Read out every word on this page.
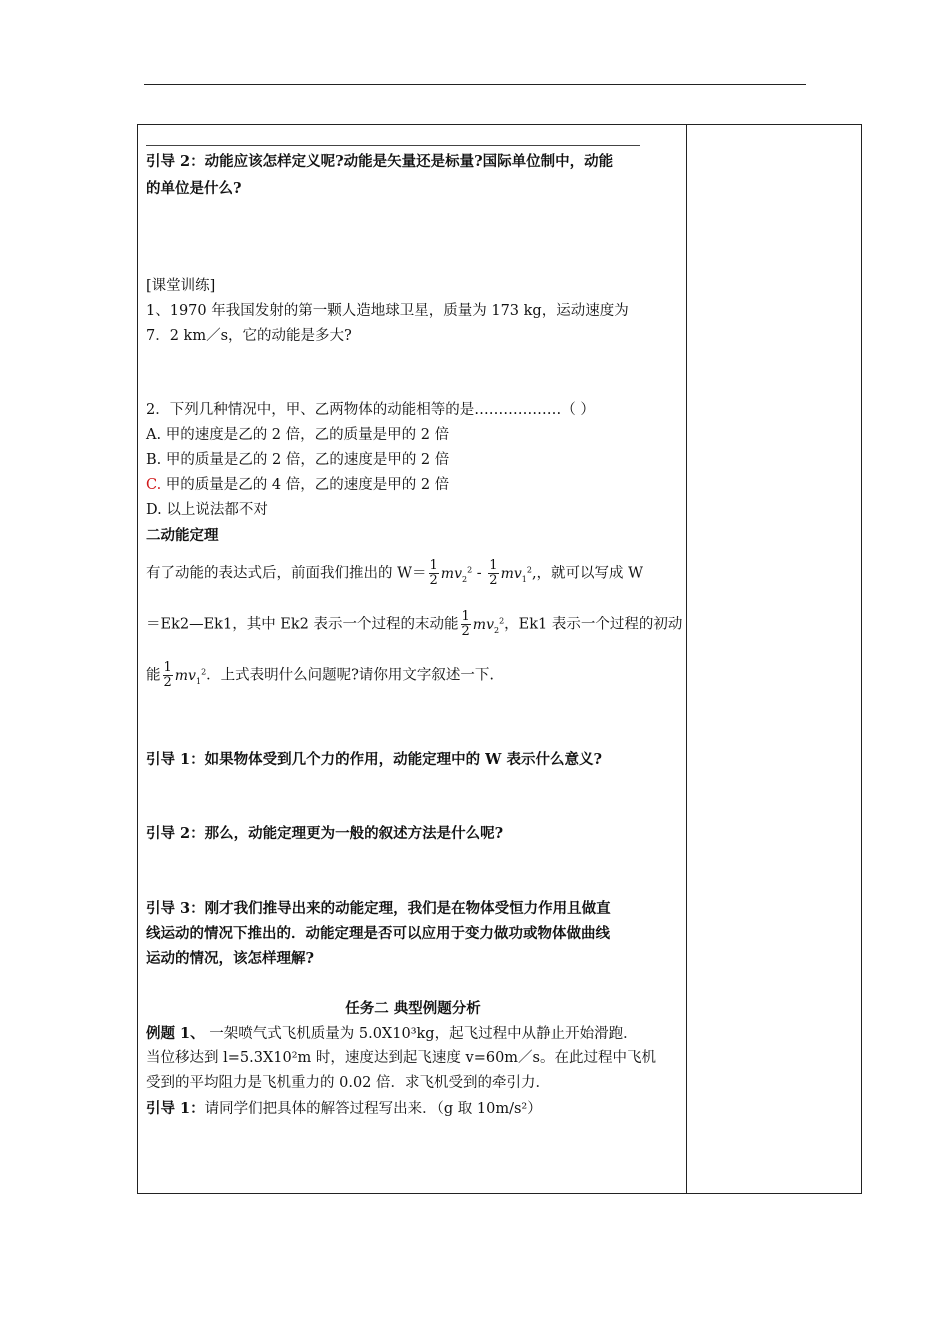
引导 2：动能应该怎样定义呢?动能是矢量还是标量?国际单位制中，动能
的单位是什么?
[课堂训练]
1、1970 年我国发射的第一颗人造地球卫星，质量为 173 kg，运动速度为
7．2 km／s，它的动能是多大?
2．下列几种情况中，甲、乙两物体的动能相等的是………………（ ）
A. 甲的速度是乙的 2 倍，乙的质量是甲的 2 倍
B. 甲的质量是乙的 2 倍，乙的速度是甲的 2 倍
C. 甲的质量是乙的 4 倍，乙的速度是甲的 2 倍
D. 以上说法都不对
二动能定理
有了动能的表达式后，前面我们推出的 $W= \frac{1}{2} mv_2^2 - \frac{1}{2} mv_1^2$,，就可以写成 W
＝Ek2—Ek1，其中 Ek2 表示一个过程的末动能 $\frac{1}{2} mv_2^2$，Ek1 表示一个过程的初动
能 $\frac{1}{2} mv_1^2$．上式表明什么问题呢?请你用文字叙述一下.
引导 1：如果物体受到几个力的作用，动能定理中的 W 表示什么意义?
引导 2：那么，动能定理更为一般的叙述方法是什么呢?
引导 3：刚才我们推导出来的动能定理，我们是在物体受恒力作用且做直
线运动的情况下推出的．动能定理是否可以应用于变力做功或物体做曲线
运动的情况，该怎样理解?
任务二 典型例题分析
例题 1、 一架喷气式飞机质量为 5.0X10³kg，起飞过程中从静止开始滑跑．
当位移达到 l=5.3X10²m 时，速度达到起飞速度 v=60m／s。在此过程中飞机
受到的平均阻力是飞机重力的 0.02 倍．求飞机受到的牵引力．
引导 1：请同学们把具体的解答过程写出来．（g 取 10m/s²）
